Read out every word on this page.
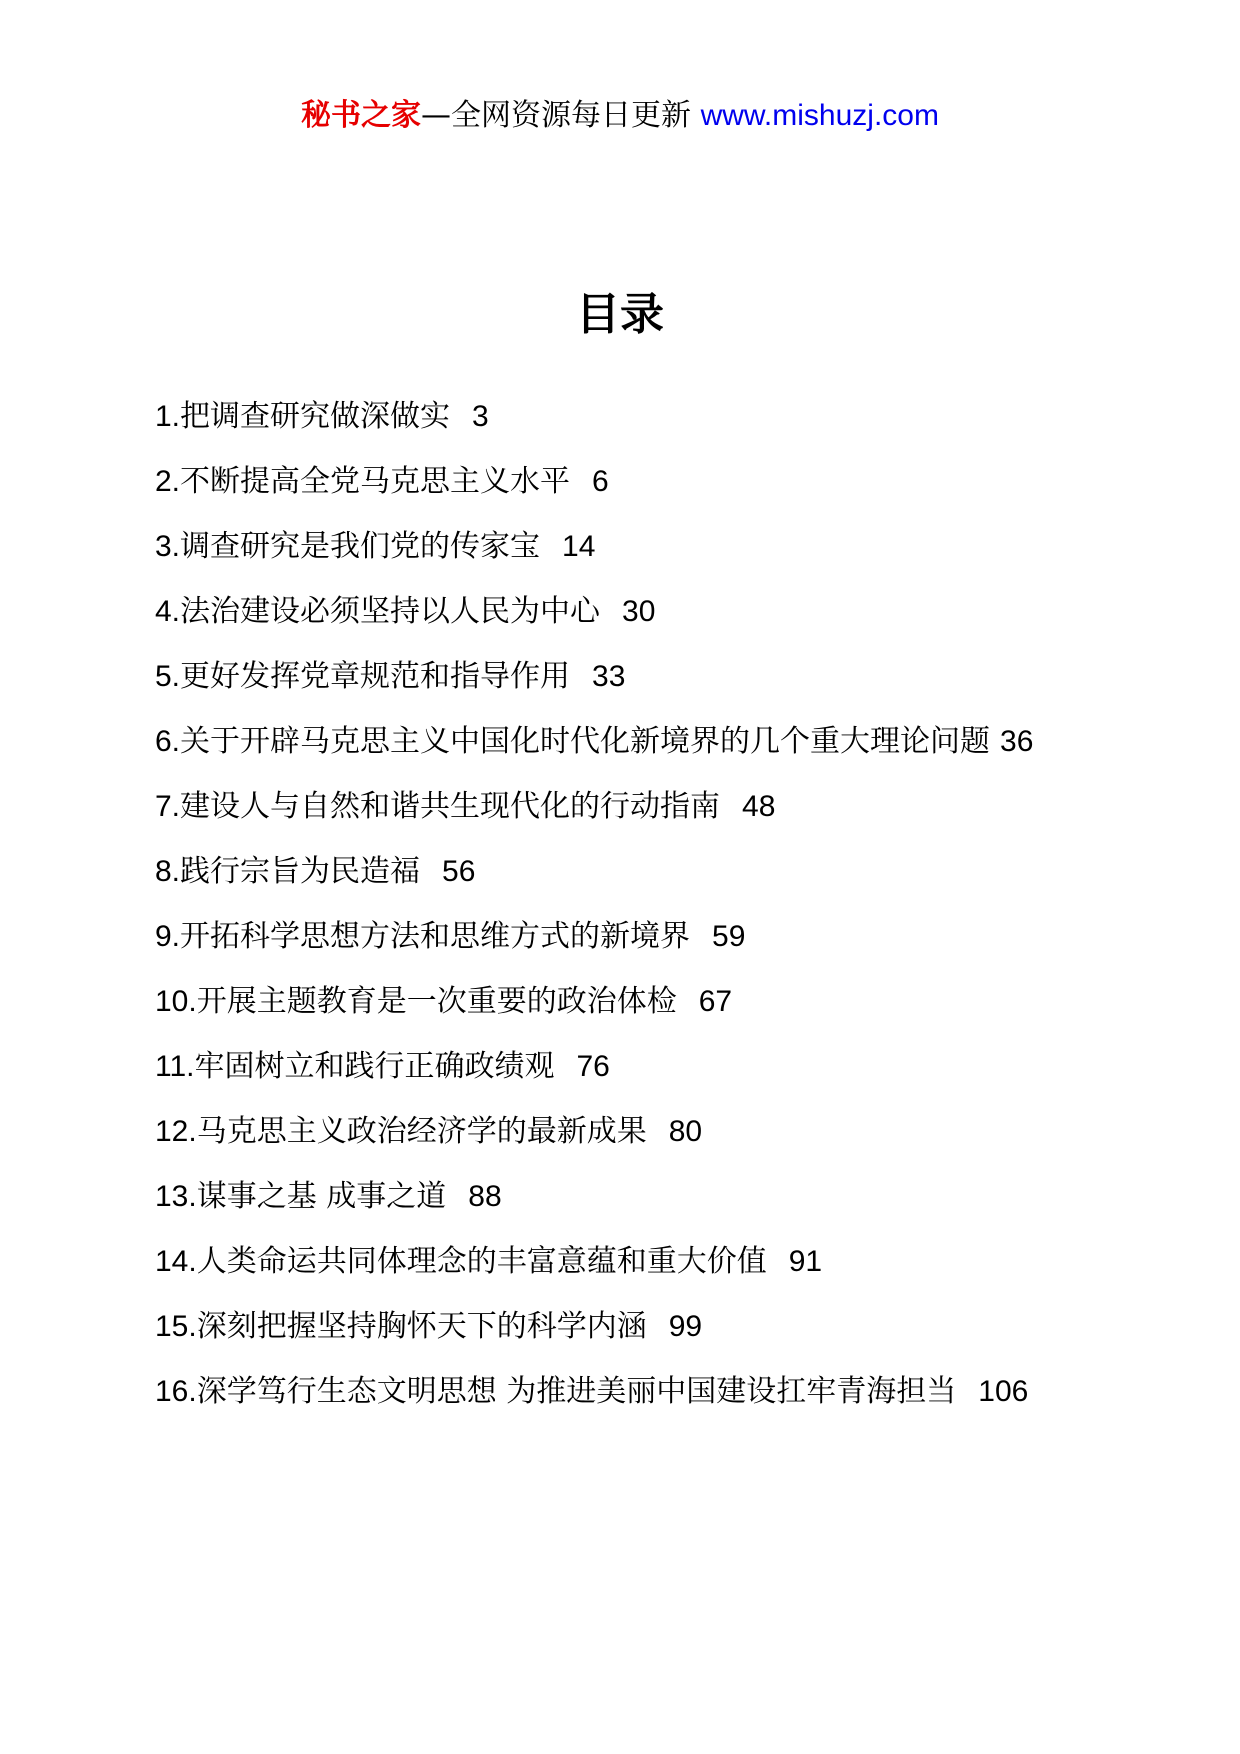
秘书之家—全网资源每日更新 www.mishuzj.com
目录
1.把调查研究做深做实 3
2.不断提高全党马克思主义水平 6
3.调查研究是我们党的传家宝 14
4.法治建设必须坚持以人民为中心 30
5.更好发挥党章规范和指导作用 33
6.关于开辟马克思主义中国化时代化新境界的几个重大理论问题 36
7.建设人与自然和谐共生现代化的行动指南 48
8.践行宗旨为民造福 56
9.开拓科学思想方法和思维方式的新境界 59
10.开展主题教育是一次重要的政治体检 67
11.牢固树立和践行正确政绩观 76
12.马克思主义政治经济学的最新成果 80
13.谋事之基 成事之道 88
14.人类命运共同体理念的丰富意蕴和重大价值 91
15.深刻把握坚持胸怀天下的科学内涵 99
16.深学笃行生态文明思想 为推进美丽中国建设扛牢青海担当 106
